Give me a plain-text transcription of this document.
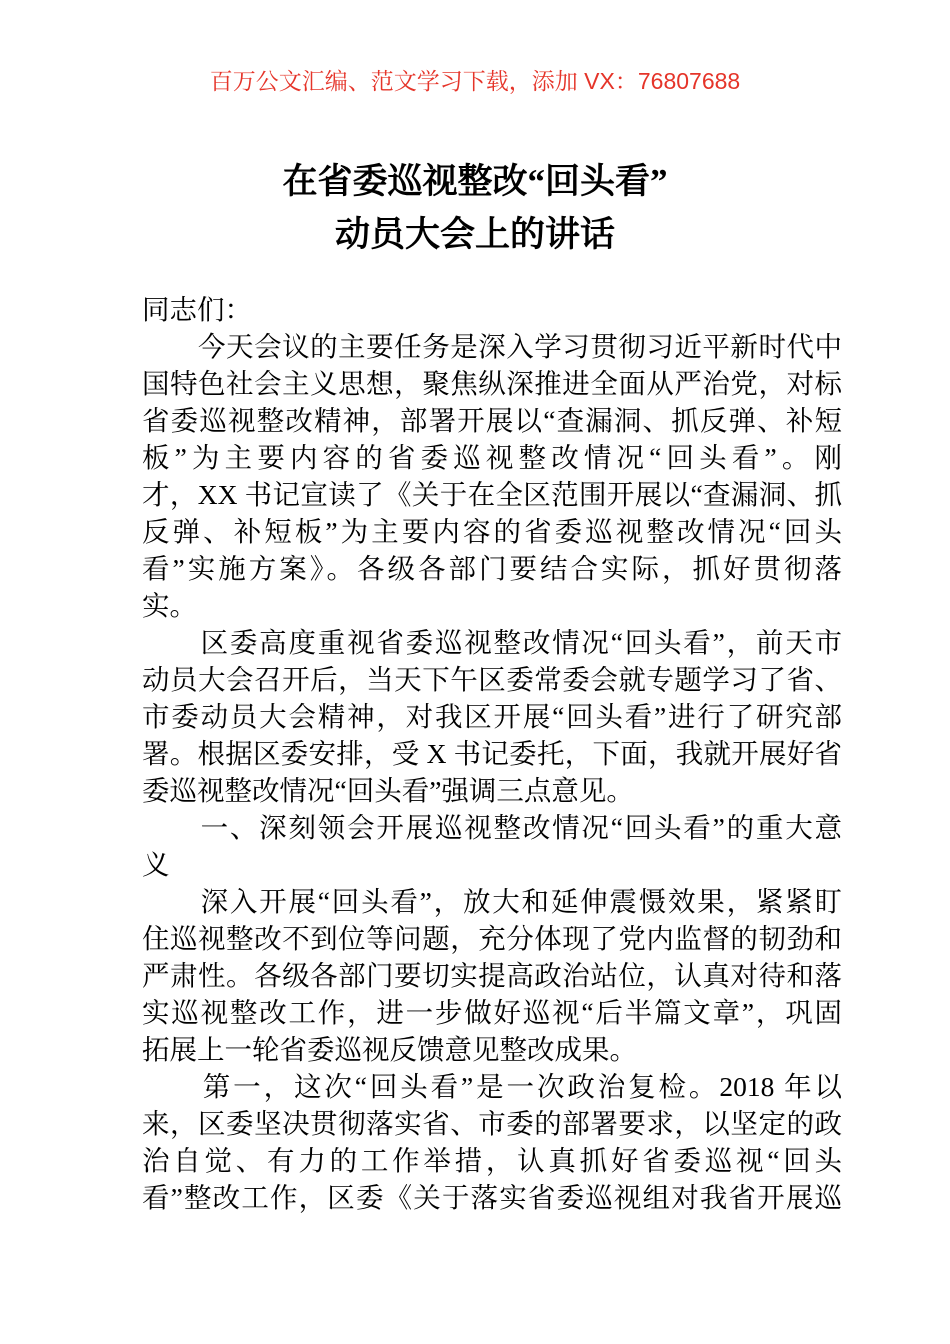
百万公文汇编、范文学习下载，添加 VX：76807688
在省委巡视整改“回头看”
动员大会上的讲话
同志们：
　　今天会议的主要任务是深入学习贯彻习近平新时代中
国特色社会主义思想，聚焦纵深推进全面从严治党，对标
省委巡视整改精神，部署开展以“查漏洞、抓反弹、补短
板”为主要内容的省委巡视整改情况“回头看”。刚
才，XX 书记宣读了《关于在全区范围开展以“查漏洞、抓
反弹、补短板”为主要内容的省委巡视整改情况“回头
看”实施方案》。各级各部门要结合实际，抓好贯彻落
实。
　　区委高度重视省委巡视整改情况“回头看”，前天市
动员大会召开后，当天下午区委常委会就专题学习了省、
市委动员大会精神，对我区开展“回头看”进行了研究部
署。根据区委安排，受 X 书记委托，下面，我就开展好省
委巡视整改情况“回头看”强调三点意见。
　　一、深刻领会开展巡视整改情况“回头看”的重大意
义
　　深入开展“回头看”，放大和延伸震慑效果，紧紧盯
住巡视整改不到位等问题，充分体现了党内监督的韧劲和
严肃性。各级各部门要切实提高政治站位，认真对待和落
实巡视整改工作，进一步做好巡视“后半篇文章”，巩固
拓展上一轮省委巡视反馈意见整改成果。
　　第一，这次“回头看”是一次政治复检。2018 年以
来，区委坚决贯彻落实省、市委的部署要求，以坚定的政
治自觉、有力的工作举措，认真抓好省委巡视“回头
看”整改工作，区委《关于落实省委巡视组对我省开展巡
